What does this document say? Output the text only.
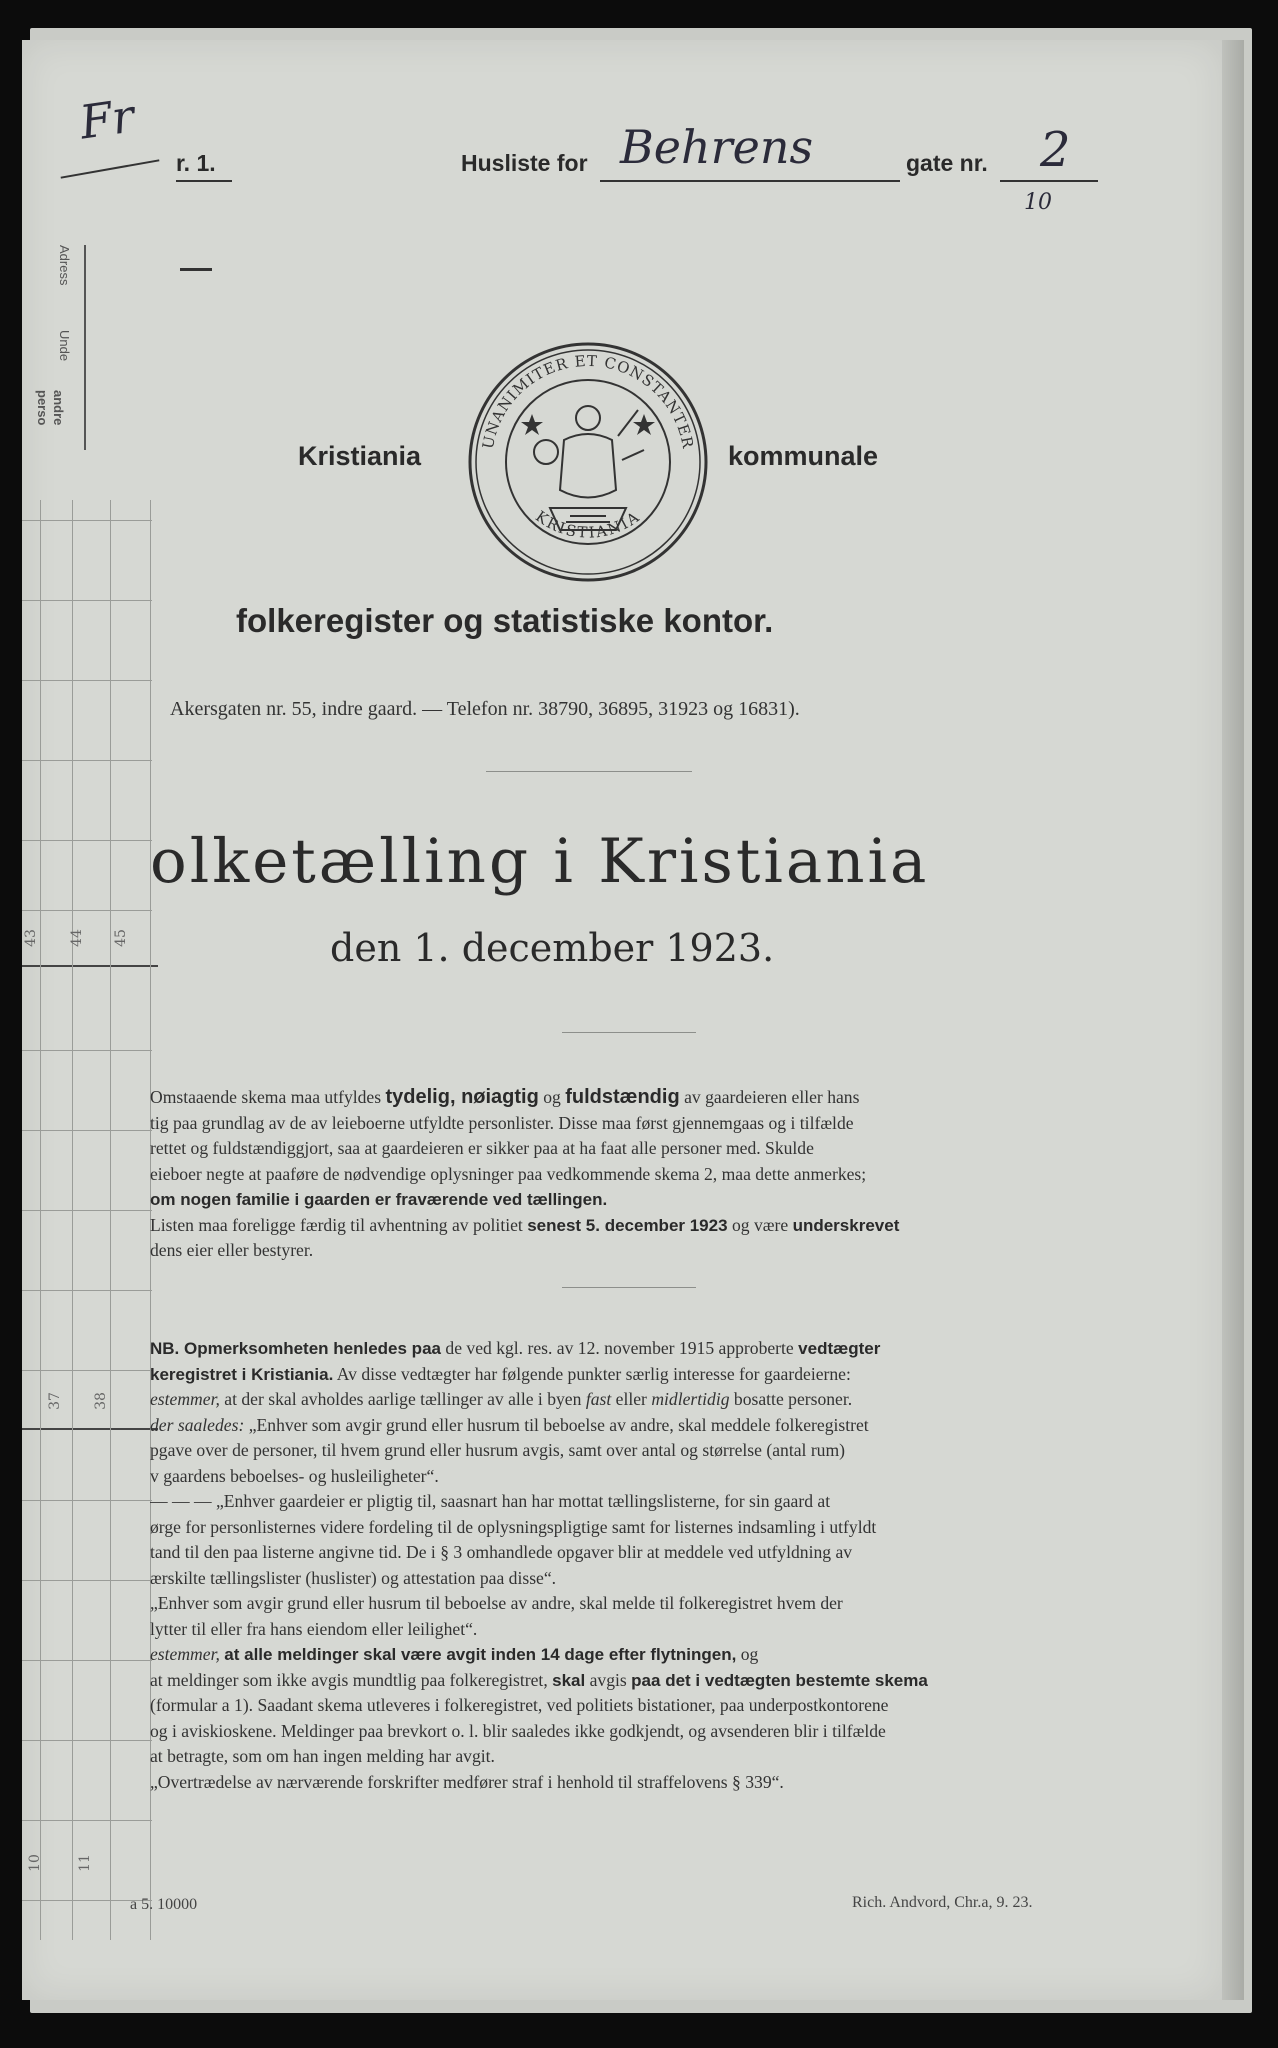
Adress
Unde
andre
perso
43 44 45
37 38
10 11
Fr
r. 1.	Husliste for Behrens	gate nr. 2
10
UNANIMITER ET CONSTANTER
KRISTIANIA
Kristiania	kommunale
folkeregister og statistiske kontor.
Akersgaten nr. 55, indre gaard. — Telefon nr. 38790, 36895, 31923 og 16831).
olketælling i Kristiania
den 1. december 1923.
Omstaaende skema maa utfyldes tydelig, nøiagtig og fuldstændig av gaardeieren eller hans
tig paa grundlag av de av leieboerne utfyldte personlister. Disse maa først gjennemgaas og i tilfælde
rettet og fuldstændiggjort, saa at gaardeieren er sikker paa at ha faat alle personer med. Skulde
eieboer negte at paaføre de nødvendige oplysninger paa vedkommende skema 2, maa dette anmerkes;
om nogen familie i gaarden er fraværende ved tællingen.
Listen maa foreligge færdig til avhentning av politiet senest 5. december 1923 og være underskrevet
dens eier eller bestyrer.
NB. Opmerksomheten henledes paa de ved kgl. res. av 12. november 1915 approberte vedtægter
keregistret i Kristiania. Av disse vedtægter har følgende punkter særlig interesse for gaardeierne:
estemmer, at der skal avholdes aarlige tællinger av alle i byen fast eller midlertidig bosatte personer.
der saaledes: „Enhver som avgir grund eller husrum til beboelse av andre, skal meddele folkeregistret
pgave over de personer, til hvem grund eller husrum avgis, samt over antal og størrelse (antal rum)
v gaardens beboelses- og husleiligheter“.
— — — „Enhver gaardeier er pligtig til, saasnart han har mottat tællingslisterne, for sin gaard at
ørge for personlisternes videre fordeling til de oplysningspligtige samt for listernes indsamling i utfyldt
tand til den paa listerne angivne tid. De i § 3 omhandlede opgaver blir at meddele ved utfyldning av
ærskilte tællingslister (huslister) og attestation paa disse“.
„Enhver som avgir grund eller husrum til beboelse av andre, skal melde til folkeregistret hvem der
lytter til eller fra hans eiendom eller leilighet“.
estemmer, at alle meldinger skal være avgit inden 14 dage efter flytningen, og
at meldinger som ikke avgis mundtlig paa folkeregistret, skal avgis paa det i vedtægten bestemte skema
(formular a 1). Saadant skema utleveres i folkeregistret, ved politiets bistationer, paa underpostkontorene
og i aviskioskene. Meldinger paa brevkort o. l. blir saaledes ikke godkjendt, og avsenderen blir i tilfælde
at betragte, som om han ingen melding har avgit.
„Overtrædelse av nærværende forskrifter medfører straf i henhold til straffelovens § 339“.
a 5. 10000	Rich. Andvord, Chr.a, 9. 23.
